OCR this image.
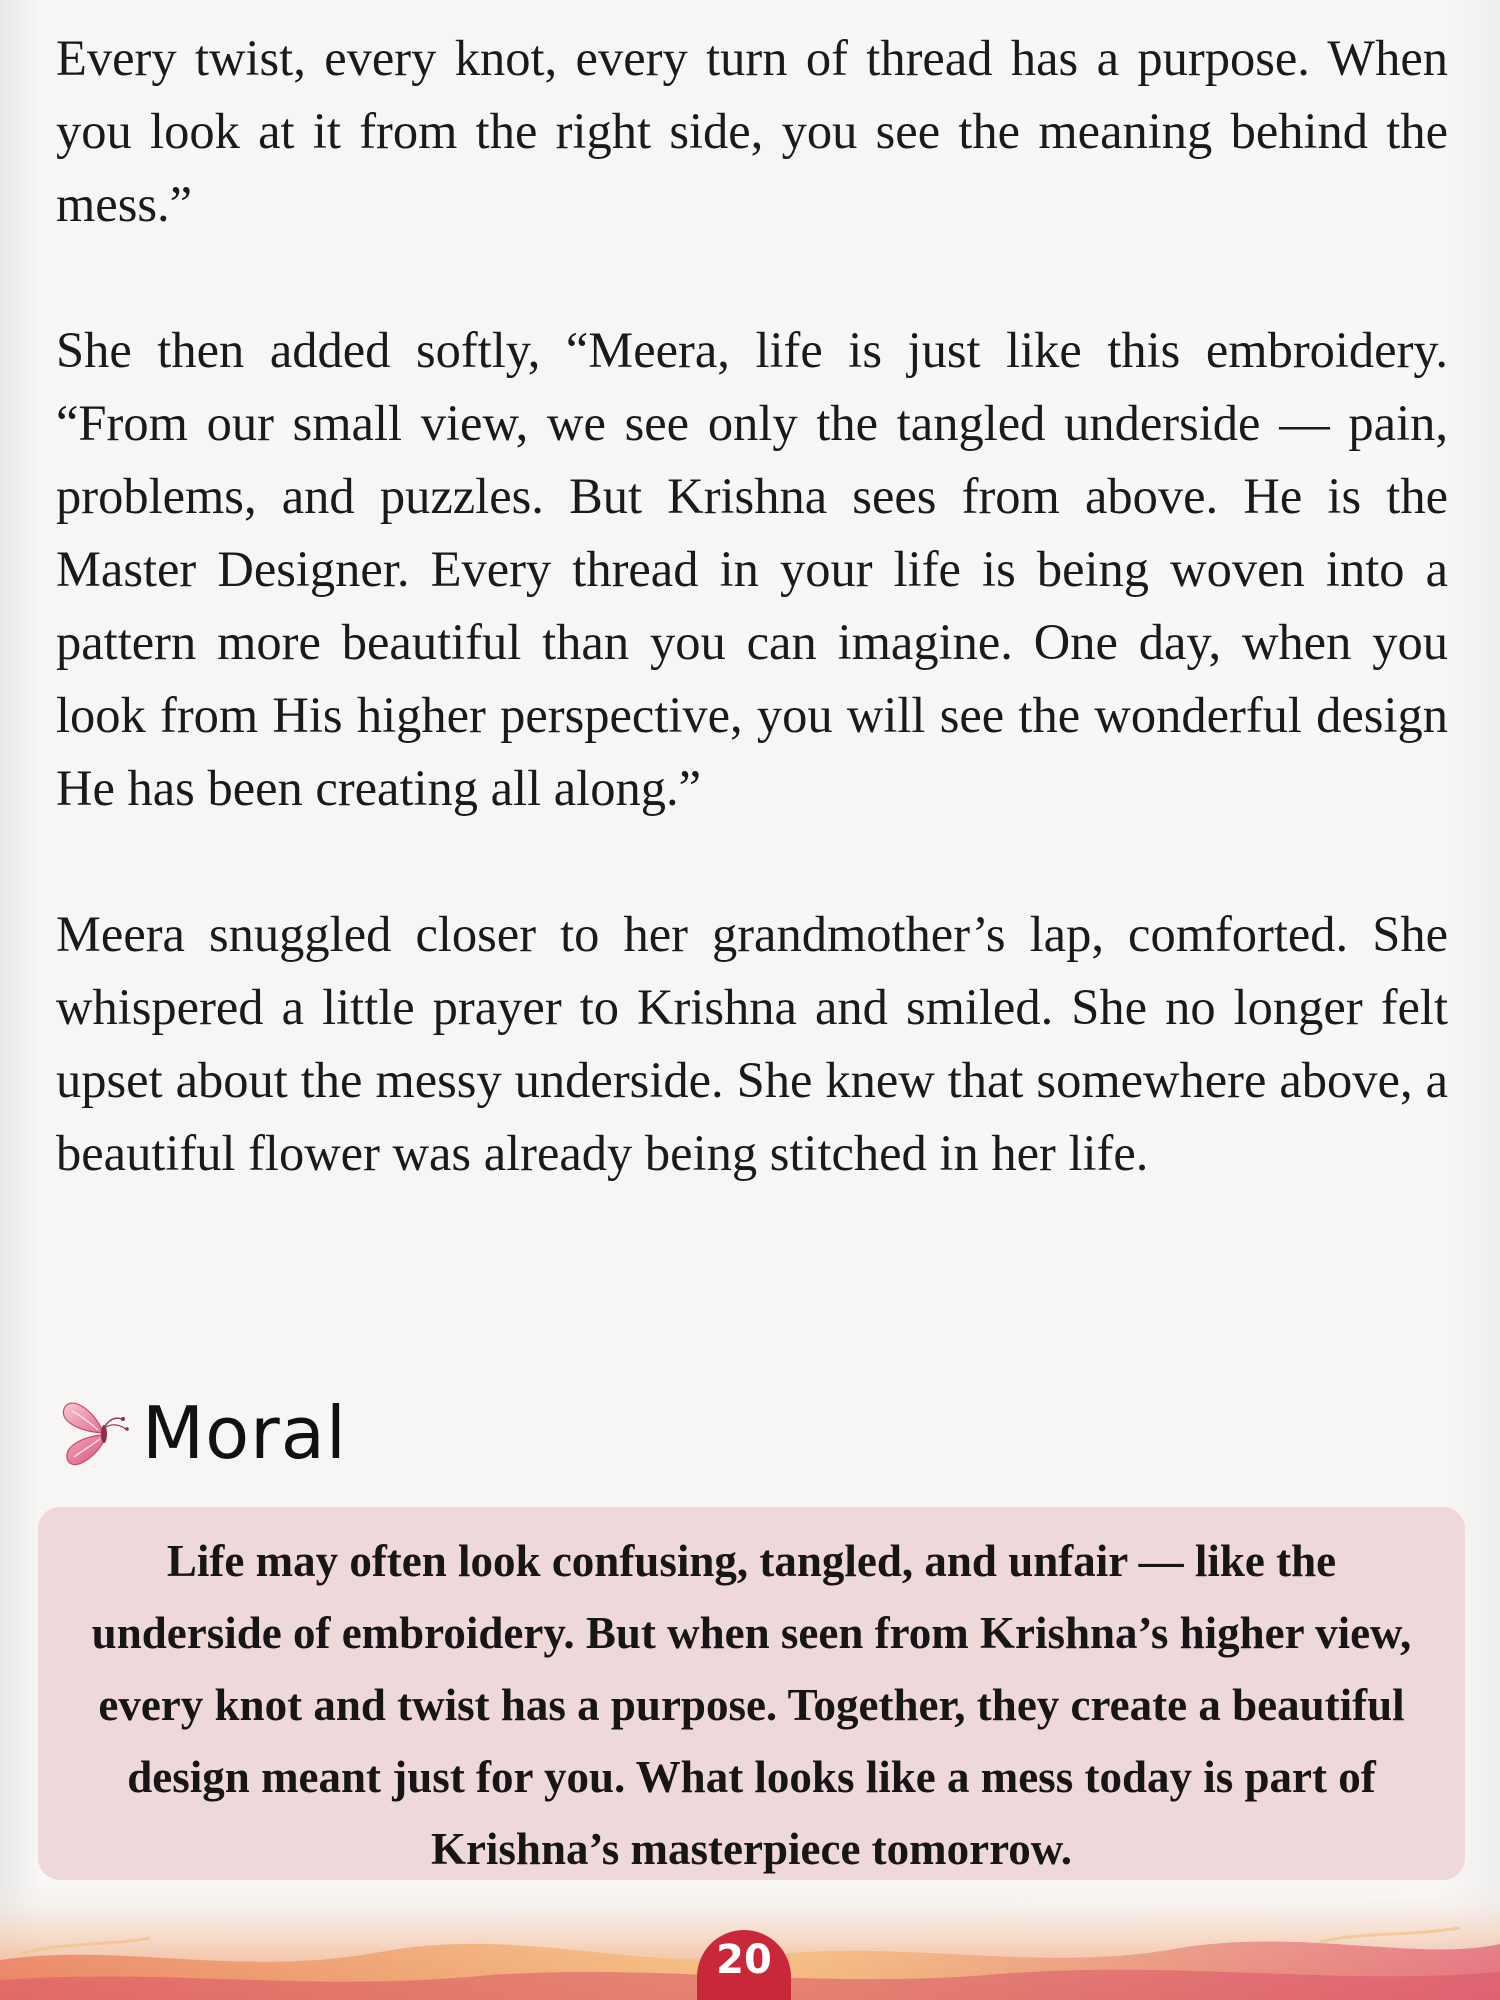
Every twist, every knot, every turn of thread has a purpose. When you look at it from the right side, you see the meaning behind the mess.”

She then added softly, “Meera, life is just like this embroidery. “From our small view, we see only the tangled underside — pain, problems, and puzzles. But Krishna sees from above. He is the Master Designer. Every thread in your life is being woven into a pattern more beautiful than you can imagine. One day, when you look from His higher perspective, you will see the wonderful design He has been creating all along.”

Meera snuggled closer to her grandmother’s lap, comforted. She whispered a little prayer to Krishna and smiled. She no longer felt upset about the messy underside. She knew that somewhere above, a beautiful flower was already being stitched in her life.

Moral

Life may often look confusing, tangled, and unfair — like the underside of embroidery. But when seen from Krishna’s higher view, every knot and twist has a purpose. Together, they create a beautiful design meant just for you. What looks like a mess today is part of Krishna’s masterpiece tomorrow.

20
